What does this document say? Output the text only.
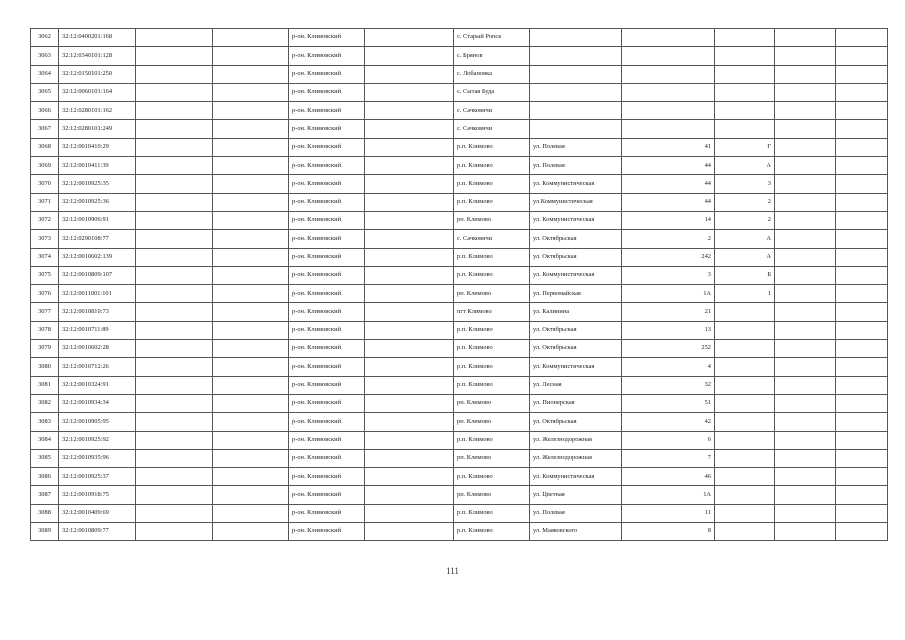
3062	32:12:0400201:168			р-он. Климовский		с. Старый Ропск					
3063	32:12:0340101:128			р-он. Климовский		с. Брянов					
3064	32:12:0150101:250			р-он. Климовский		с. Лобановка					
3065	32:12:0060101:164			р-он. Климовский		с. Сытая Буда					
3066	32:12:0280101:162			р-он. Климовский		с. Сачковичи					
3067	32:12:0280101:249			р-он. Климовский		с. Сачковичи					
3068	32:12:0010410:29			р-он. Климовский		р.п. Климово	ул. Полевая	41	Г		
3069	32:12:0010411:39			р-он. Климовский		р.п. Климово	ул. Полевая	44	А		
3070	32:12:0010925:35			р-он. Климовский		р.п. Климово	ул. Коммунистическая	44	3		
3071	32:12:0010925:36			р-он. Климовский		р.п. Климово	ул.Коммунистическая	44	2		
3072	32:12:0010906:91			р-он. Климовский		рп. Климово	ул. Коммунистическая	14	2		
3073	32:12:0290108:77			р-он. Климовский		с. Сачковичи	ул. Октябрьская	2	А		
3074	32:12:0010602:139			р-он. Климовский		р.п. Климово	ул. Октябрьская	242	А		
3075	32:12:0010809:107			р-он. Климовский		р.п. Климово	ул. Коммунистическая	3	Б		
3076	32:12:0011001:101			р-он. Климовский		рп. Климово	ул. Первомайская	1А	1		
3077	32:12:0010810:73			р-он. Климовский		пгт Климово	ул. Калинина	21			
3078	32:12:0010711:89			р-он. Климовский		р.п. Климово	ул. Октябрьская	13			
3079	32:12:0010602:28			р-он. Климовский		р.п. Климово	ул. Октябрьская	252			
3080	32:12:0010712:26			р-он. Климовский		р.п. Климово	ул. Коммунистическая	4			
3081	32:12:0010324:91			р-он. Климовский		р.п. Климово	ул. Лесная	32			
3082	32:12:0010934:34			р-он. Климовский		рп. Климово	ул. Пионерская	51			
3083	32:12:0010905:95			р-он. Климовский		рп. Климово	ул. Октябрьская	42			
3084	32:12:0010925:92			р-он. Климовский		р.п. Климово	ул. Железнодорожная	6			
3085	32:12:0010935:96			р-он. Климовский		рп. Климово	ул. Железнодорожная	7			
3086	32:12:0010925:37			р-он. Климовский		р.п. Климово	ул. Коммунистическая	46			
3087	32:12:0010918:75			р-он. Климовский		рп. Климово	ул. Цветная	1А			
3088	32:12:0010409:69			р-он. Климовский		р.п. Климово	ул. Полевая	11			
3089	32:12:0010809:77			р-он. Климовский		р.п. Климово	ул. Маяковского	8			
111
